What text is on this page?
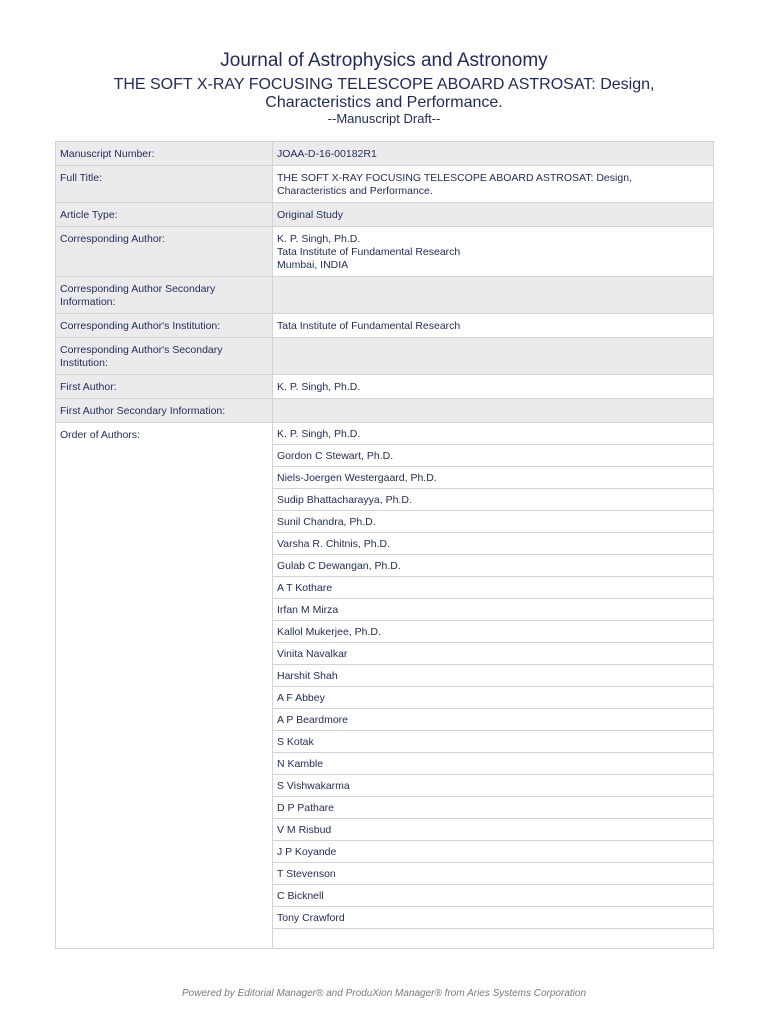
Journal of Astrophysics and Astronomy
THE SOFT X-RAY FOCUSING TELESCOPE ABOARD ASTROSAT: Design, Characteristics and Performance.
--Manuscript Draft--
Manuscript Number:	JOAA-D-16-00182R1

Full Title:	THE SOFT X-RAY FOCUSING TELESCOPE ABOARD ASTROSAT: Design,
Characteristics and Performance.

Article Type:	Original Study

Corresponding Author:	K. P. Singh, Ph.D.
Tata Institute of Fundamental Research
Mumbai, INDIA

Corresponding Author Secondary Information:	

Corresponding Author's Institution:	Tata Institute of Fundamental Research

Corresponding Author's Secondary Institution:	

First Author:	K. P. Singh, Ph.D.

First Author Secondary Information:	

Order of Authors:	K. P. Singh, Ph.D.
	Gordon C Stewart, Ph.D.
	Niels-Joergen Westergaard, Ph.D.
	Sudip Bhattacharayya, Ph.D.
	Sunil Chandra, Ph.D.
	Varsha R. Chitnis, Ph.D.
	Gulab C Dewangan, Ph.D.
	A T Kothare
	Irfan M Mirza
	Kallol Mukerjee, Ph.D.
	Vinita Navalkar
	Harshit Shah
	A F Abbey
	A P Beardmore
	S Kotak
	N Kamble
	S Vishwakarma
	D P Pathare
	V M Risbud
	J P Koyande
	T Stevenson
	C Bicknell
	Tony Crawford

Powered by Editorial Manager® and ProduXion Manager® from Aries Systems Corporation
